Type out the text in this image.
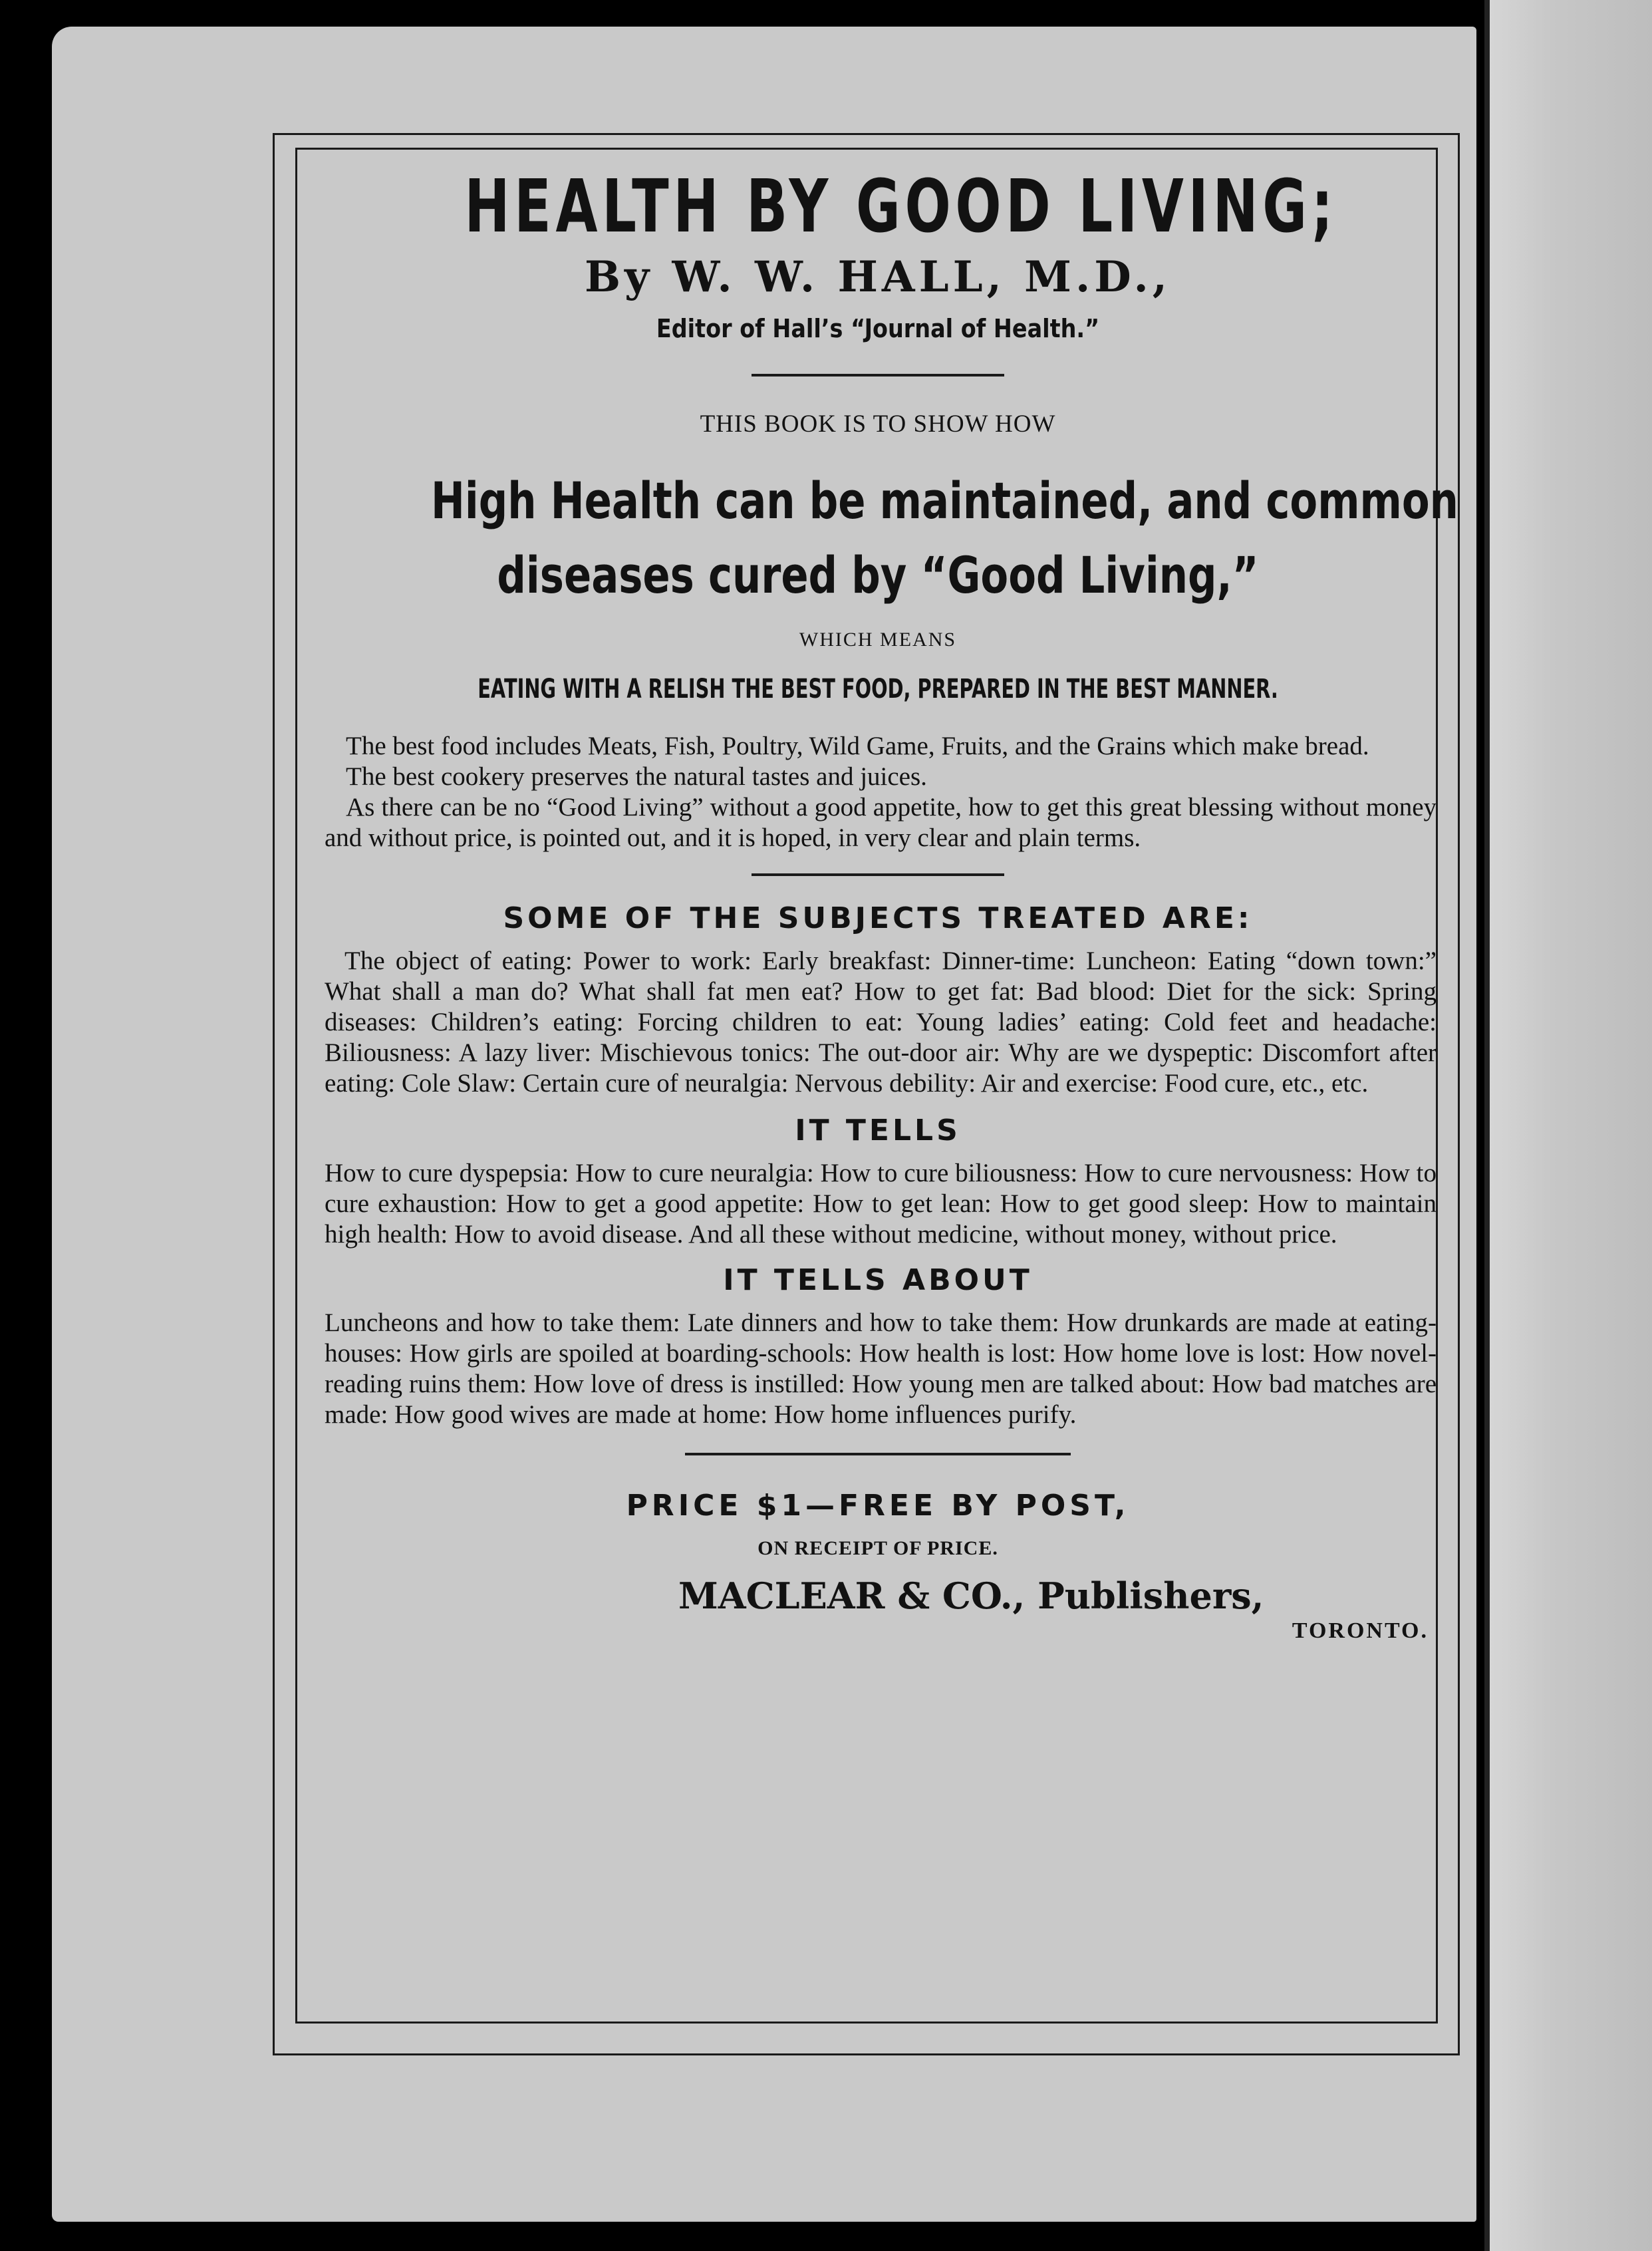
HEALTH BY GOOD LIVING;
By W. W. HALL, M.D.,
Editor of Hall’s “Journal of Health.”
THIS BOOK IS TO SHOW HOW
High Health can be maintained, and common
diseases cured by “Good Living,”
WHICH MEANS
EATING WITH A RELISH THE BEST FOOD, PREPARED IN THE BEST MANNER.

The best food includes Meats, Fish, Poultry, Wild Game, Fruits, and the Grains which make bread.

The best cookery preserves the natural tastes and juices.

As there can be no “Good Living” without a good appetite, how to get this great blessing without money and without price, is pointed out, and it is hoped, in very clear and plain terms.

SOME OF THE SUBJECTS TREATED ARE:
The object of eating: Power to work: Early breakfast: Dinner-time: Luncheon: Eating “down town:” What shall a man do? What shall fat men eat? How to get fat: Bad blood: Diet for the sick: Spring diseases: Children’s eating: Forcing children to eat: Young ladies’ eating: Cold feet and headache: Biliousness: A lazy liver: Mischievous tonics: The out-door air: Why are we dyspeptic: Discomfort after eating: Cole Slaw: Certain cure of neuralgia: Nervous debility: Air and exercise: Food cure, etc., etc.
IT TELLS
How to cure dyspepsia: How to cure neuralgia: How to cure biliousness: How to cure nervousness: How to cure exhaustion: How to get a good appetite: How to get lean: How to get good sleep: How to maintain high health: How to avoid disease. And all these without medicine, without money, without price.
IT TELLS ABOUT
Luncheons and how to take them: Late dinners and how to take them: How drunkards are made at eating-houses: How girls are spoiled at boarding-schools: How health is lost: How home love is lost: How novel-reading ruins them: How love of dress is instilled: How young men are talked about: How bad matches are made: How good wives are made at home: How home influences purify.
PRICE $1—FREE BY POST,
ON RECEIPT OF PRICE.
MACLEAR & CO., Publishers,
TORONTO.
